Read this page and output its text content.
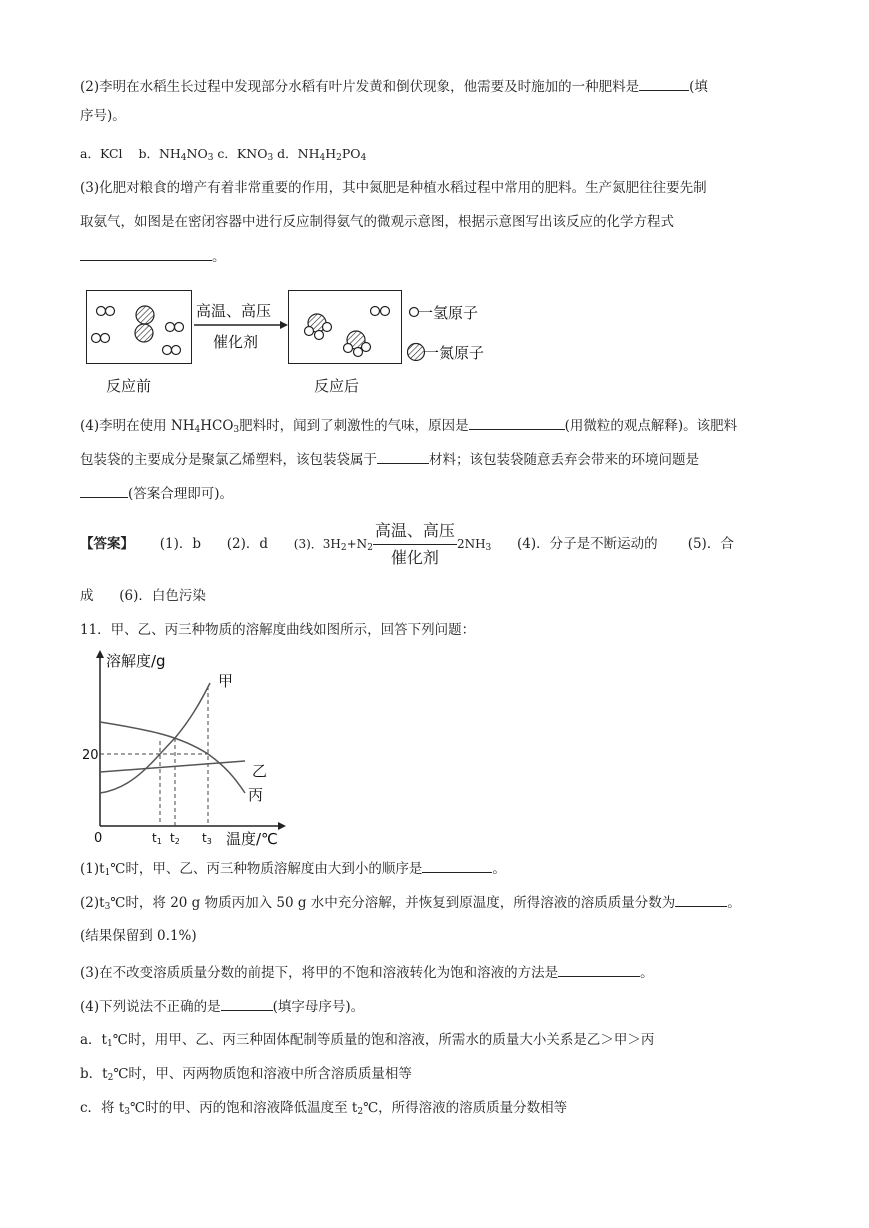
(2)李明在水稻生长过程中发现部分水稻有叶片发黄和倒伏现象，他需要及时施加的一种肥料是	(填
序号)。
a．KCl b．$NH_4NO_3$ c．$KNO_3$ d．$NH_4H_2PO_4$
(3)化肥对粮食的增产有着非常重要的作用，其中氮肥是种植水稻过程中常用的肥料。生产氮肥往往要先制
取氨气，如图是在密闭容器中进行反应制得氨气的微观示意图，根据示意图写出该反应的化学方程式
。
高温、高压
催化剂
一氢原子
一氮原子
反应前	反应后
(4)李明在使用 $NH_4HCO_3$肥料时，闻到了刺激性的气味，原因是	(用微粒的观点解释)。该肥料
包装袋的主要成分是聚氯乙烯塑料，该包装袋属于	材料；该包装袋随意丢弃会带来的环境问题是
(答案合理即可)。
【答案】 (1)．b (2)．d (3)．$3H_2+N_2$
高温、高压
催化剂
$2NH_3$ (4)．分子是不断运动的 (5)．合
成 (6)．白色污染
11．甲、乙、丙三种物质的溶解度曲线如图所示，回答下列问题：
溶解度/g
甲
乙
丙
20
0	t1 t2 t3 温度/℃
$(1)t_1℃$时，甲、乙、丙三种物质溶解度由大到小的顺序是	。
$(2)t_3℃$时，将 20 g 物质丙加入 50 g 水中充分溶解，并恢复到原温度，所得溶液的溶质质量分数为	。
(结果保留到 0.1%)
(3)在不改变溶质质量分数的前提下，将甲的不饱和溶液转化为饱和溶液的方法是	。
(4)下列说法不正确的是	(填字母序号)。
a．$t_1℃$时，用甲、乙、丙三种固体配制等质量的饱和溶液，所需水的质量大小关系是乙＞甲＞丙
b．$t_2℃$时，甲、丙两物质饱和溶液中所含溶质质量相等
c．将 $t_3℃$时的甲、丙的饱和溶液降低温度至 $t_2℃$，所得溶液的溶质质量分数相等
